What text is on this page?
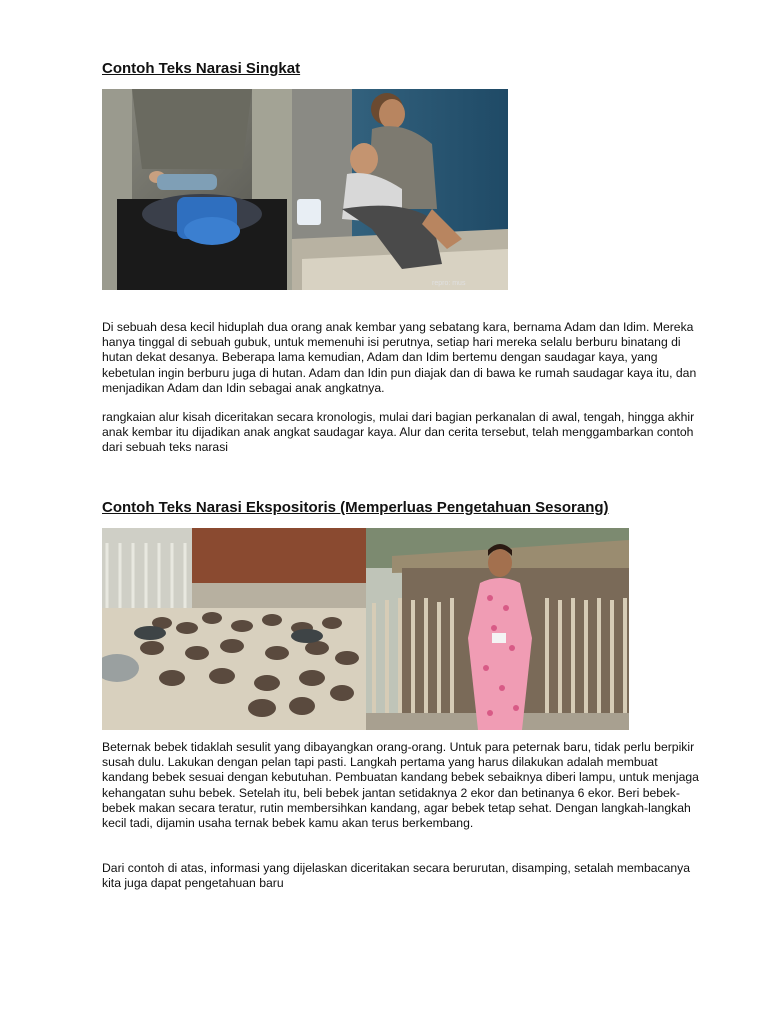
Contoh Teks Narasi Singkat
repro: mus

Di sebuah desa kecil hiduplah dua orang anak kembar yang sebatang kara, bernama Adam dan Idim. Mereka hanya tinggal di sebuah gubuk, untuk memenuhi isi perutnya, setiap hari mereka selalu berburu binatang di hutan dekat desanya. Beberapa lama kemudian, Adam dan Idim bertemu dengan saudagar kaya, yang kebetulan ingin berburu juga di hutan. Adam dan Idin pun diajak dan di bawa ke rumah saudagar kaya itu, dan menjadikan Adam dan Idin sebagai anak angkatnya.

rangkaian alur kisah diceritakan secara kronologis, mulai dari bagian perkanalan di awal, tengah, hingga akhir anak kembar itu dijadikan anak angkat saudagar kaya. Alur dan cerita tersebut, telah menggambarkan contoh dari sebuah teks narasi

Contoh Teks Narasi Ekspositoris (Memperluas Pengetahuan Sesorang)

Beternak bebek tidaklah sesulit yang dibayangkan orang-orang. Untuk para peternak baru, tidak perlu berpikir susah dulu. Lakukan dengan pelan tapi pasti. Langkah pertama yang harus dilakukan adalah membuat kandang bebek sesuai dengan kebutuhan. Pembuatan kandang bebek sebaiknya diberi lampu, untuk menjaga kehangatan suhu bebek. Setelah itu, beli bebek jantan setidaknya 2 ekor dan betinanya 6 ekor. Beri bebek-bebek makan secara teratur, rutin membersihkan kandang, agar bebek tetap sehat. Dengan langkah-langkah kecil tadi, dijamin usaha ternak bebek kamu akan terus berkembang.

Dari contoh di atas, informasi yang dijelaskan diceritakan secara berurutan, disamping, setalah membacanya kita juga dapat pengetahuan baru
